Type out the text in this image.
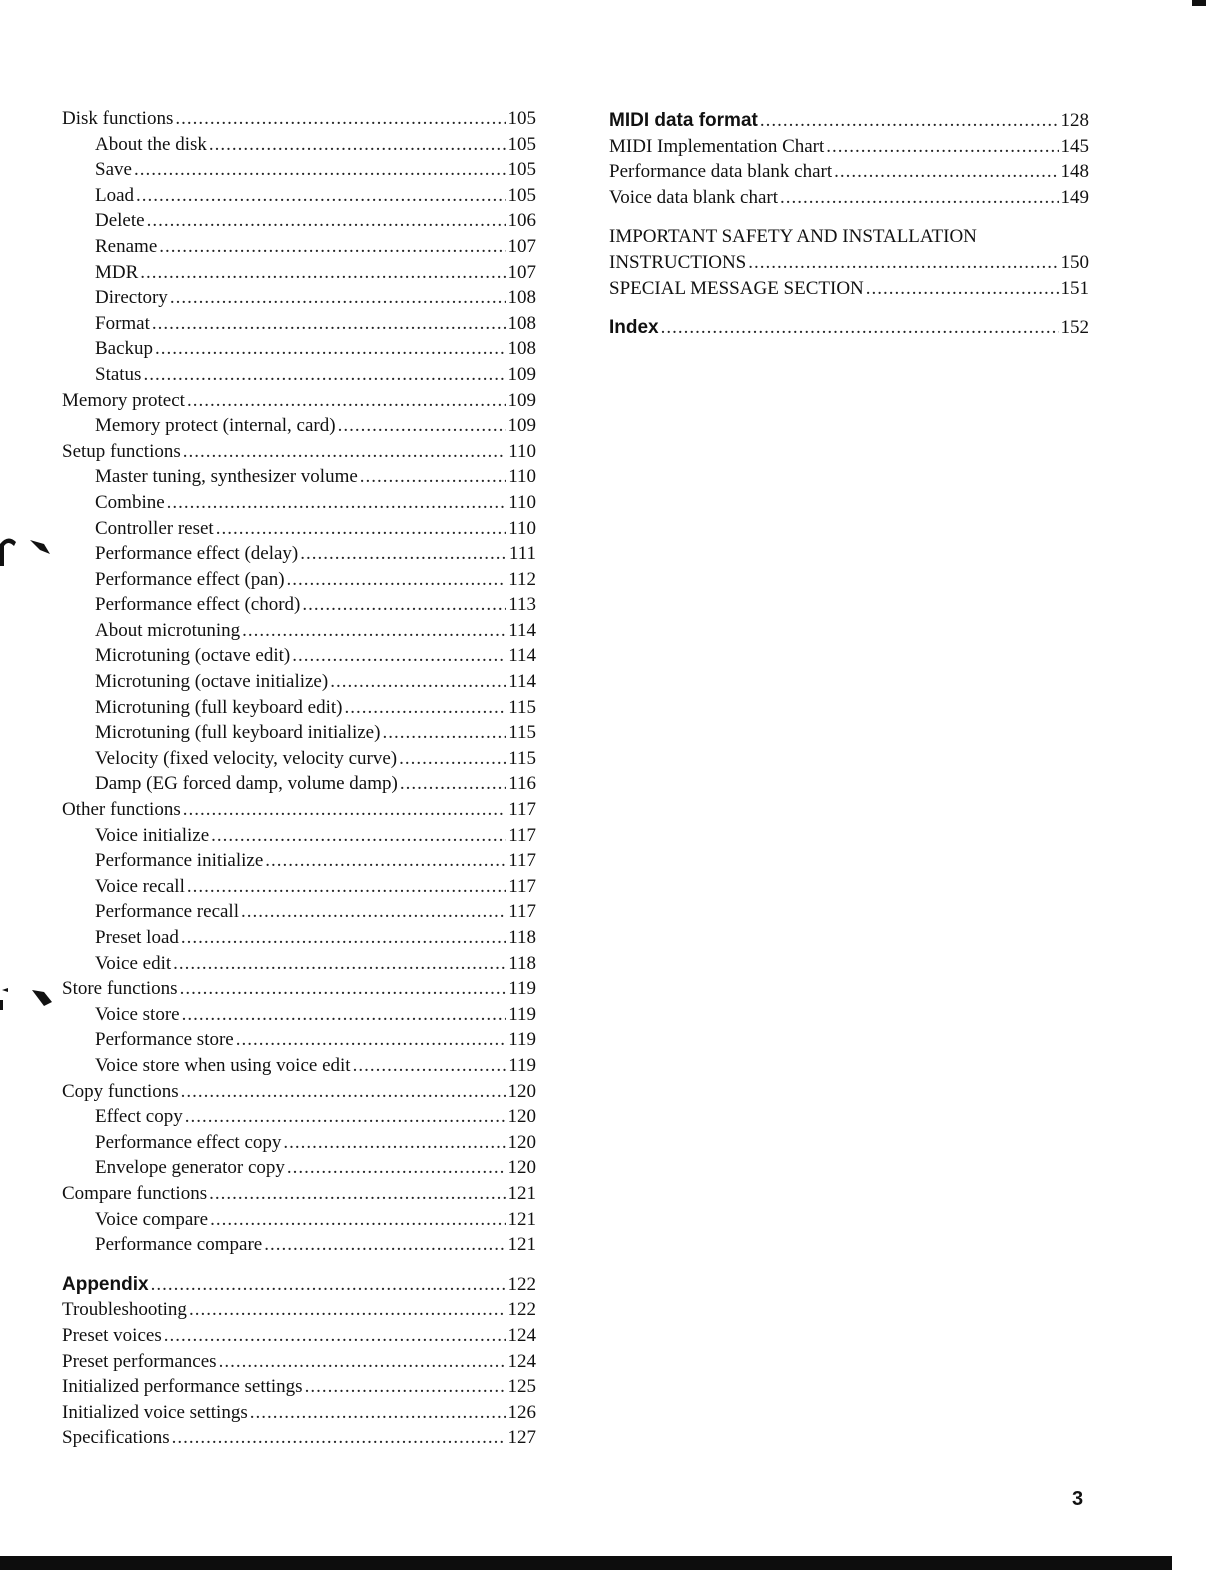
Disk functions .....	105
About the disk .....	105
Save .....	105
Load .....	105
Delete .....	106
Rename .....	107
MDR .....	107
Directory .....	108
Format .....	108
Backup .....	108
Status .....	109
Memory protect .....	109
Memory protect (internal, card) .....	109
Setup functions .....	110
Master tuning, synthesizer volume .....	110
Combine .....	110
Controller reset .....	110
Performance effect (delay) .....	111
Performance effect (pan) .....	112
Performance effect (chord) .....	113
About microtuning .....	114
Microtuning (octave edit) .....	114
Microtuning (octave initialize) .....	114
Microtuning (full keyboard edit) .....	115
Microtuning (full keyboard initialize) .....	115
Velocity (fixed velocity, velocity curve) .....	115
Damp (EG forced damp, volume damp) .....	116
Other functions .....	117
Voice initialize .....	117
Performance initialize .....	117
Voice recall .....	117
Performance recall .....	117
Preset load .....	118
Voice edit .....	118
Store functions .....	119
Voice store .....	119
Performance store .....	119
Voice store when using voice edit .....	119
Copy functions .....	120
Effect copy .....	120
Performance effect copy .....	120
Envelope generator copy .....	120
Compare functions .....	121
Voice compare .....	121
Performance compare .....	121
Appendix .....	122
Troubleshooting .....	122
Preset voices .....	124
Preset performances .....	124
Initialized performance settings .....	125
Initialized voice settings .....	126
Specifications .....	127
MIDI data format .....	128
MIDI Implementation Chart .....	145
Performance data blank chart .....	148
Voice data blank chart .....	149
IMPORTANT SAFETY AND INSTALLATION
INSTRUCTIONS .....	150
SPECIAL MESSAGE SECTION .....	151
Index .....	152
3
